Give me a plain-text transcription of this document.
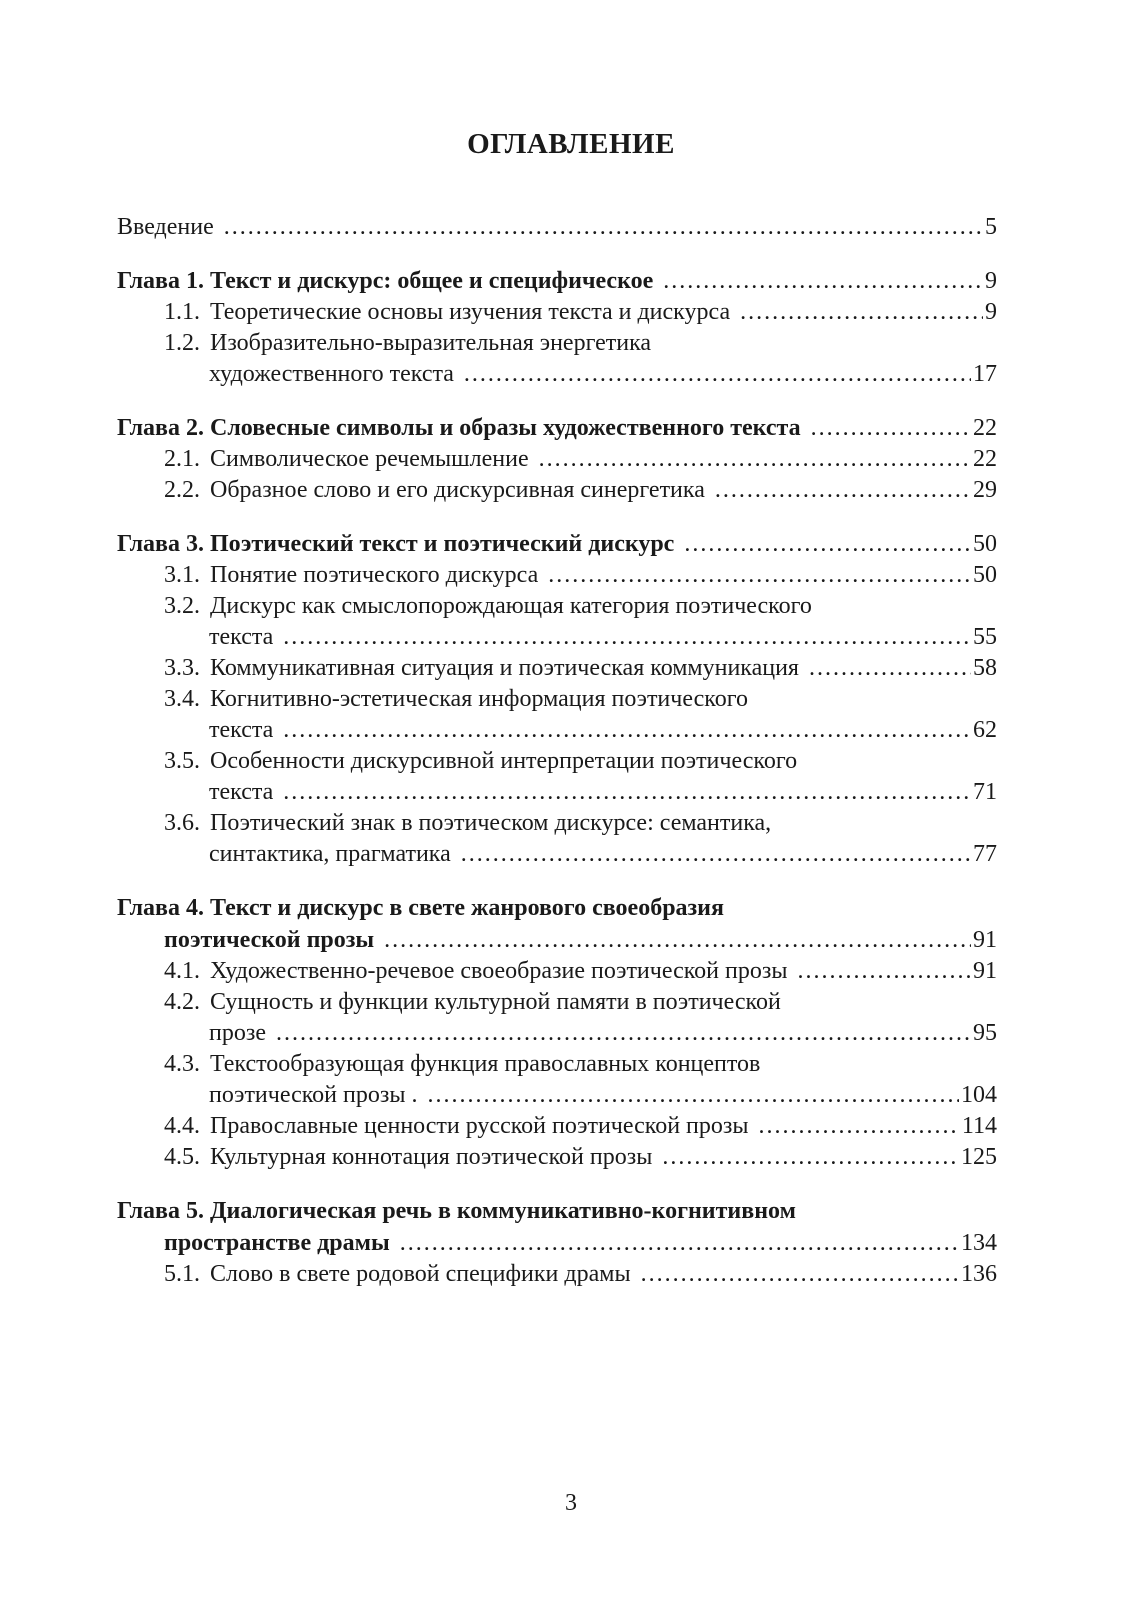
ОГЛАВЛЕНИЕ
Введение .....	5
Глава 1. Текст и дискурс: общее и специфическое .....	9
1.1. Теоретические основы изучения текста и дискурса .....	9
1.2. Изобразительно-выразительная энергетика
художественного текста .....	17
Глава 2. Словесные символы и образы художественного текста .....	22
2.1. Символическое речемышление .....	22
2.2. Образное слово и его дискурсивная синергетика .....	29
Глава 3. Поэтический текст и поэтический дискурс .....	50
3.1. Понятие поэтического дискурса .....	50
3.2. Дискурс как смыслопорождающая категория поэтического
текста .....	55
3.3. Коммуникативная ситуация и поэтическая коммуникация .....	58
3.4. Когнитивно-эстетическая информация поэтического
текста .....	62
3.5. Особенности дискурсивной интерпретации поэтического
текста .....	71
3.6. Поэтический знак в поэтическом дискурсе: семантика,
синтактика, прагматика .....	77
Глава 4. Текст и дискурс в свете жанрового своеобразия
поэтической прозы .....	91
4.1. Художественно-речевое своеобразие поэтической прозы .....	91
4.2. Сущность и функции культурной памяти в поэтической
прозе .....	95
4.3. Текстообразующая функция православных концептов
поэтической прозы . .....	104
4.4. Православные ценности русской поэтической прозы .....	114
4.5. Культурная коннотация поэтической прозы .....	125
Глава 5. Диалогическая речь в коммуникативно-когнитивном
пространстве драмы .....	134
5.1. Слово в свете родовой специфики драмы .....	136
3
